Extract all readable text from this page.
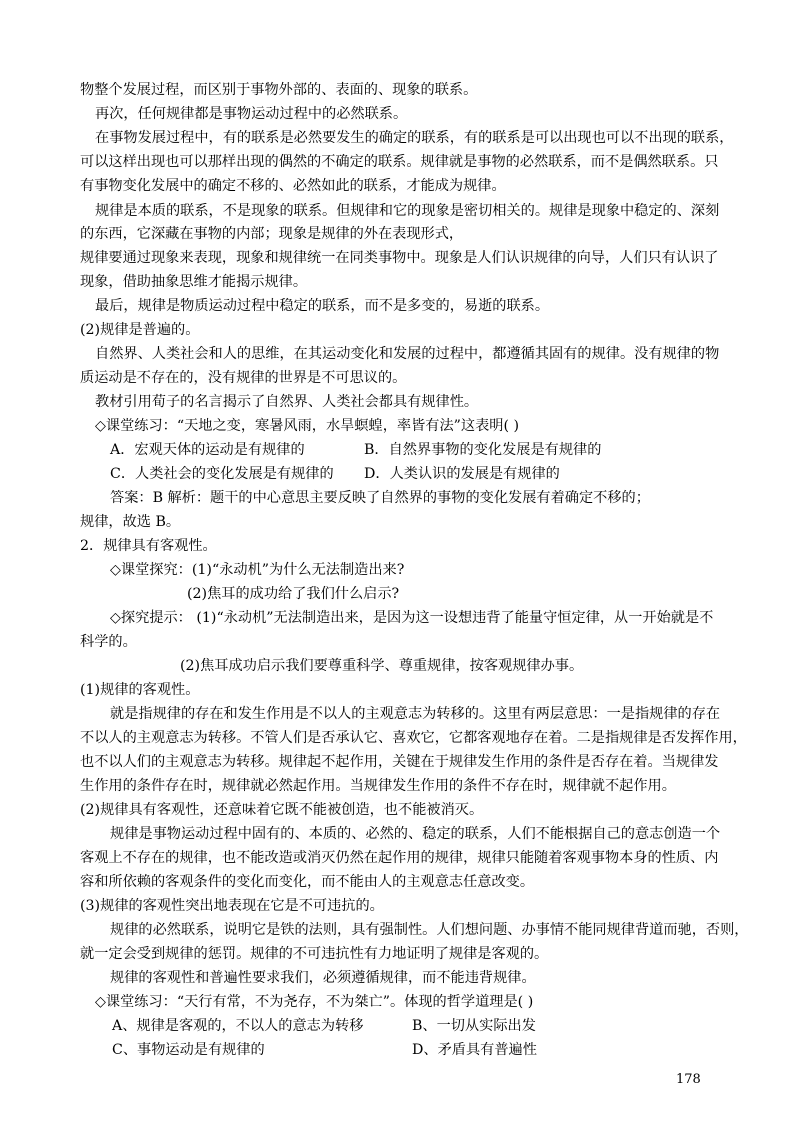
物整个发展过程，而区别于事物外部的、表面的、现象的联系。
再次，任何规律都是事物运动过程中的必然联系。
在事物发展过程中，有的联系是必然要发生的确定的联系，有的联系是可以出现也可以不出现的联系，
可以这样出现也可以那样出现的偶然的不确定的联系。规律就是事物的必然联系，而不是偶然联系。只
有事物变化发展中的确定不移的、必然如此的联系，才能成为规律。
规律是本质的联系，不是现象的联系。但规律和它的现象是密切相关的。规律是现象中稳定的、深刻
的东西，它深藏在事物的内部；现象是规律的外在表现形式，
规律要通过现象来表现，现象和规律统一在同类事物中。现象是人们认识规律的向导，人们只有认识了
现象，借助抽象思维才能揭示规律。
最后，规律是物质运动过程中稳定的联系，而不是多变的，易逝的联系。
(2)规律是普遍的。
自然界、人类社会和人的思维，在其运动变化和发展的过程中，都遵循其固有的规律。没有规律的物
质运动是不存在的，没有规律的世界是不可思议的。
教材引用荀子的名言揭示了自然界、人类社会都具有规律性。
◇课堂练习：“天地之变，寒暑风雨，水旱螟蝗，率皆有法”这表明( )
A．宏观天体的运动是有规律的	B．自然界事物的变化发展是有规律的
C．人类社会的变化发展是有规律的 D．人类认识的发展是有规律的
答案：B 解析：题干的中心意思主要反映了自然界的事物的变化发展有着确定不移的；
规律，故选 B。
2．规律具有客观性。
◇课堂探究：(1)“永动机”为什么无法制造出来?
(2)焦耳的成功给了我们什么启示?
◇探究提示： (1)“永动机”无法制造出来，是因为这一设想违背了能量守恒定律，从一开始就是不
科学的。
(2)焦耳成功启示我们要尊重科学、尊重规律，按客观规律办事。
(1)规律的客观性。
就是指规律的存在和发生作用是不以人的主观意志为转移的。这里有两层意思：一是指规律的存在
不以人的主观意志为转移。不管人们是否承认它、喜欢它，它都客观地存在着。二是指规律是否发挥作用，
也不以人们的主观意志为转移。规律起不起作用，关键在于规律发生作用的条件是否存在着。当规律发
生作用的条件存在时，规律就必然起作用。当规律发生作用的条件不存在时，规律就不起作用。
(2)规律具有客观性，还意味着它既不能被创造，也不能被消灭。
规律是事物运动过程中固有的、本质的、必然的、稳定的联系，人们不能根据自己的意志创造一个
客观上不存在的规律，也不能改造或消灭仍然在起作用的规律，规律只能随着客观事物本身的性质、内
容和所依赖的客观条件的变化而变化，而不能由人的主观意志任意改变。
(3)规律的客观性突出地表现在它是不可违抗的。
规律的必然联系，说明它是铁的法则，具有强制性。人们想问题、办事情不能同规律背道而驰，否则，
就一定会受到规律的惩罚。规律的不可违抗性有力地证明了规律是客观的。
规律的客观性和普遍性要求我们，必须遵循规律，而不能违背规律。
◇课堂练习：“天行有常，不为尧存，不为桀亡”。体现的哲学道理是( )
A、规律是客观的，不以人的意志为转移	B、一切从实际出发
C、事物运动是有规律的	D、矛盾具有普遍性
178
